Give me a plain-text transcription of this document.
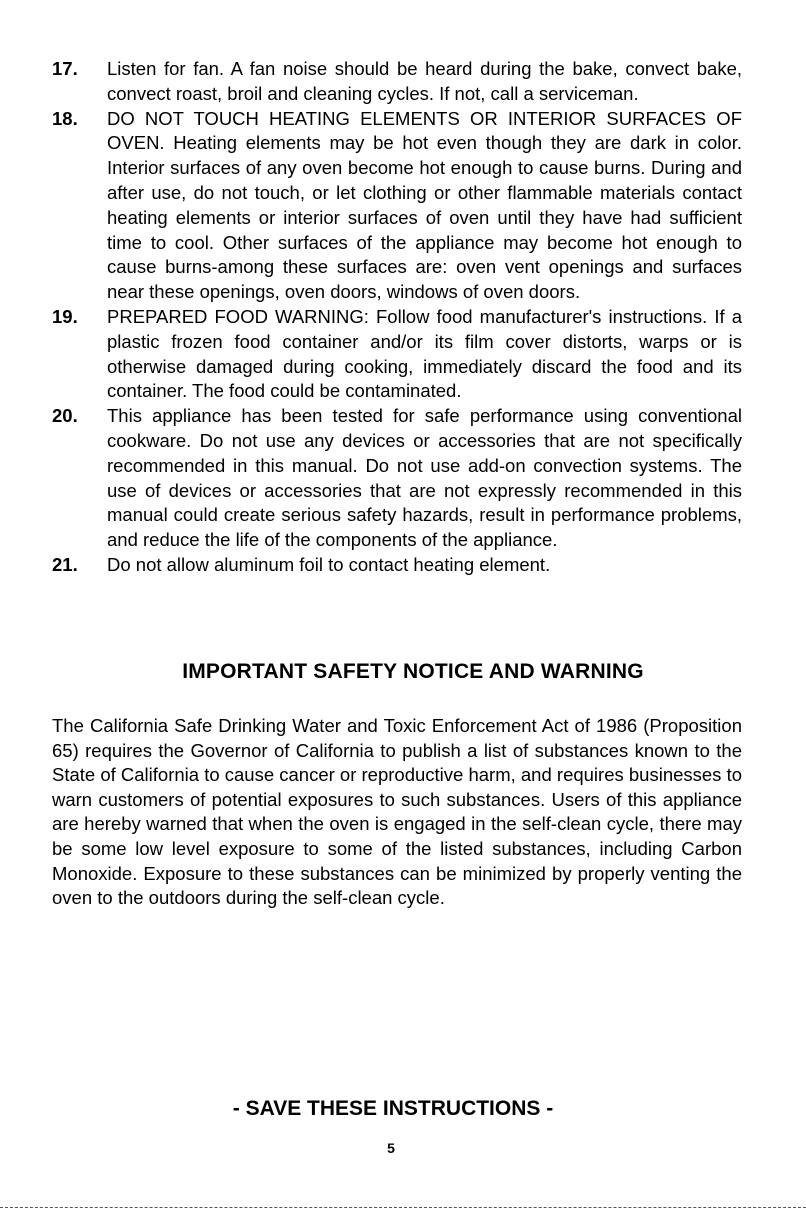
17. Listen for fan. A fan noise should be heard during the bake, convect bake, convect roast, broil and cleaning cycles. If not, call a serviceman.
18. DO NOT TOUCH HEATING ELEMENTS OR INTERIOR SURFACES OF OVEN. Heating elements may be hot even though they are dark in color. Interior surfaces of any oven become hot enough to cause burns. During and after use, do not touch, or let clothing or other flammable materials contact heating elements or interior surfaces of oven until they have had sufficient time to cool. Other surfaces of the appliance may become hot enough to cause burns-among these surfaces are: oven vent openings and surfaces near these openings, oven doors, windows of oven doors.
19. PREPARED FOOD WARNING: Follow food manufacturer's instructions. If a plastic frozen food container and/or its film cover distorts, warps or is otherwise damaged during cooking, immediately discard the food and its container. The food could be contaminated.
20. This appliance has been tested for safe performance using conventional cookware. Do not use any devices or accessories that are not specifically recommended in this manual. Do not use add-on convection systems. The use of devices or accessories that are not expressly recommended in this manual could create serious safety hazards, result in performance problems, and reduce the life of the components of the appliance.
21. Do not allow aluminum foil to contact heating element.
IMPORTANT SAFETY NOTICE AND WARNING

The California Safe Drinking Water and Toxic Enforcement Act of 1986 (Proposition 65) requires the Governor of California to publish a list of substances known to the State of California to cause cancer or reproductive harm, and requires businesses to warn customers of potential exposures to such substances. Users of this appliance are hereby warned that when the oven is engaged in the self-clean cycle, there may be some low level exposure to some of the listed substances, including Carbon Monoxide. Exposure to these substances can be minimized by properly venting the oven to the outdoors during the self-clean cycle.

- SAVE THESE INSTRUCTIONS -
5
